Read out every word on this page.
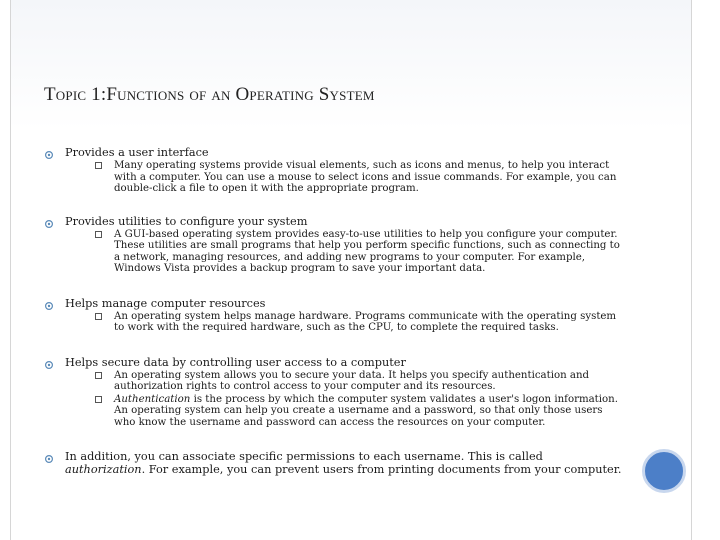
Topic 1:Functions of an Operating System
Provides a user interface
Many operating systems provide visual elements, such as icons and menus, to help you interact with a computer. You can use a mouse to select icons and issue commands. For example, you can double-click a file to open it with the appropriate program.
Provides utilities to configure your system
A GUI-based operating system provides easy-to-use utilities to help you configure your computer. These utilities are small programs that help you perform specific functions, such as connecting to a network, managing resources, and adding new programs to your computer. For example, Windows Vista provides a backup program to save your important data.
Helps manage computer resources
An operating system helps manage hardware. Programs communicate with the operating system to work with the required hardware, such as the CPU, to complete the required tasks.
Helps secure data by controlling user access to a computer
An operating system allows you to secure your data. It helps you specify authentication and authorization rights to control access to your computer and its resources.
Authentication is the process by which the computer system validates a user's logon information. An operating system can help you create a username and a password, so that only those users who know the username and password can access the resources on your computer.
In addition, you can associate specific permissions to each username. This is called authorization. For example, you can prevent users from printing documents from your computer.
